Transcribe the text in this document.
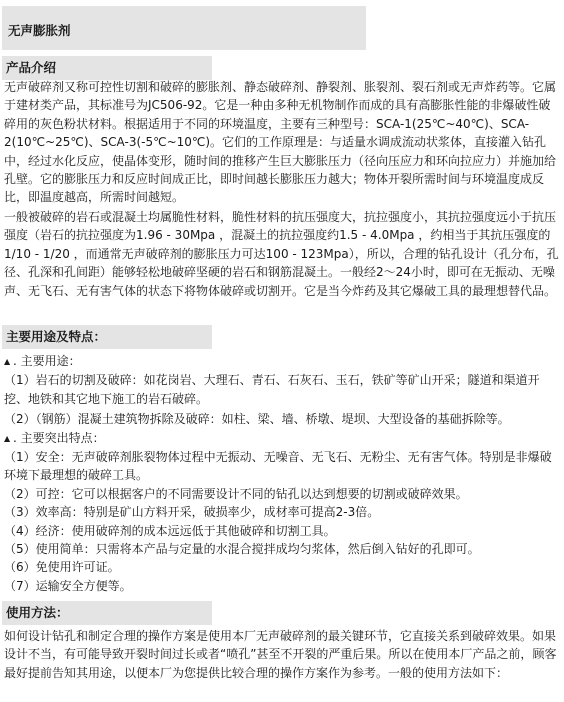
无声膨胀剂
产品介绍

无声破碎剂又称可控性切割和破碎的膨胀剂、静态破碎剂、静裂剂、胀裂剂、裂石剂或无声炸药等。它属于建材类产品，其标准号为JC506-92。它是一种由多种无机物制作而成的具有高膨胀性能的非爆破性破碎用的灰色粉状材料。根据适用于不同的环境温度，主要有三种型号：SCA-1(25℃~40℃)、SCA-2(10℃~25℃)、SCA-3(-5℃~10℃)。它们的工作原理是：与适量水调成流动状浆体，直接灌入钻孔中，经过水化反应，使晶体变形，随时间的推移产生巨大膨胀压力（径向压应力和环向拉应力）并施加给孔壁。它的膨胀压力和反应时间成正比，即时间越长膨胀压力越大；物体开裂所需时间与环境温度成反比，即温度越高，所需时间越短。

一般被破碎的岩石或混凝土均属脆性材料，脆性材料的抗压强度大，抗拉强度小，其抗拉强度远小于抗压强度（岩石的抗拉强度为1.96 - 30Mpa ，混凝土的抗拉强度约1.5 - 4.0Mpa ，约相当于其抗压强度的1/10 - 1/20 ，而通常无声破碎剂的膨胀压力可达100 - 123Mpa），所以，合理的钻孔设计（孔分布，孔径、孔深和孔间距）能够轻松地破碎坚硬的岩石和钢筋混凝土。一般经2～24小时，即可在无振动、无噪声、无飞石、无有害气体的状态下将物体破碎或切割开。它是当今炸药及其它爆破工具的最理想替代品。

主要用途及特点：
▲ . 主要用途：
（1）岩石的切割及破碎：如花岗岩、大理石、青石、石灰石、玉石，铁矿等矿山开采；隧道和渠道开挖、地铁和其它地下施工的岩石破碎。
（2）（钢筋）混凝土建筑物拆除及破碎：如柱、梁、墙、桥墩、堤坝、大型设备的基础拆除等。
▲ . 主要突出特点：
（1）安全：无声破碎剂胀裂物体过程中无振动、无噪音、无飞石、无粉尘、无有害气体。特别是非爆破环境下最理想的破碎工具。
（2）可控：它可以根据客户的不同需要设计不同的钻孔以达到想要的切割或破碎效果。
（3）效率高：特别是矿山方料开采，破损率少，成材率可提高2-3倍。
（4）经济：使用破碎剂的成本远远低于其他破碎和切割工具。
（5）使用简单：只需将本产品与定量的水混合搅拌成均匀浆体，然后倒入钻好的孔即可。
（6）免使用许可证。
（7）运输安全方便等。
使用方法：

如何设计钻孔和制定合理的操作方案是使用本厂无声破碎剂的最关键环节，它直接关系到破碎效果。如果设计不当，有可能导致开裂时间过长或者“喷孔”甚至不开裂的严重后果。所以在使用本厂产品之前，顾客最好提前告知其用途，以便本厂为您提供比较合理的操作方案作为参考。一般的使用方法如下：
